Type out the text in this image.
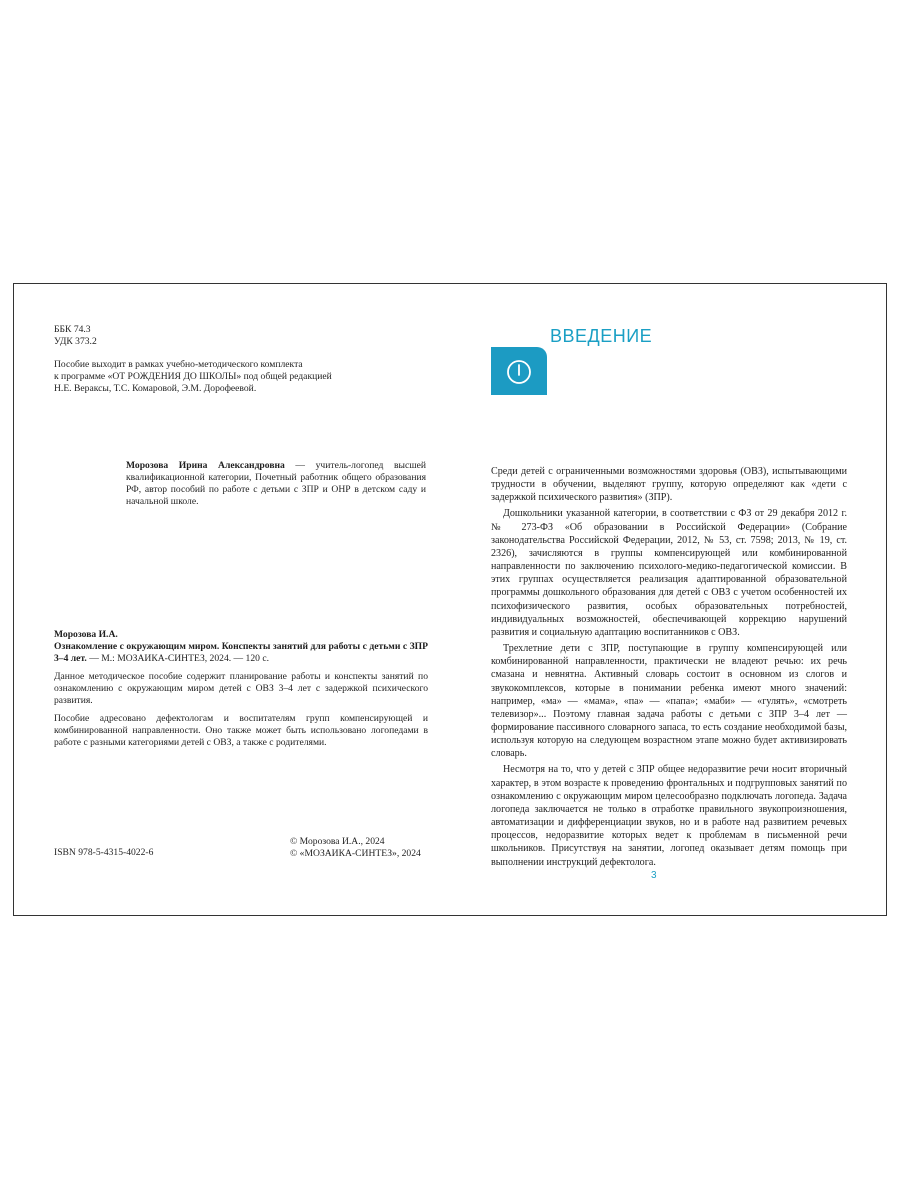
ББК 74.3
УДК 373.2
Пособие выходит в рамках учебно-методического комплекта
к программе «ОТ РОЖДЕНИЯ ДО ШКОЛЫ» под общей редакцией
Н.Е. Вераксы, Т.С. Комаровой, Э.М. Дорофеевой.
Морозова Ирина Александровна — учитель-логопед высшей квалификационной категории, Почетный работник общего образования РФ, автор пособий по работе с детьми с ЗПР и ОНР в детском саду и начальной школе.

Морозова И.А.

Ознакомление с окружающим миром. Конспекты занятий для работы с детьми с ЗПР 3–4 лет. — М.: МОЗАИКА-СИНТЕЗ, 2024. — 120 с.

Данное методическое пособие содержит планирование работы и конспекты занятий по ознакомлению с окружающим миром детей с ОВЗ 3–4 лет с задержкой психического развития.

Пособие адресовано дефектологам и воспитателям групп компенсирующей и комбинированной направленности. Оно также может быть использовано логопедами в работе с разными категориями детей с ОВЗ, а также с родителями.

ISBN 978-5-4315-4022-6
© Морозова И.А., 2024
© «МОЗАИКА-СИНТЕЗ», 2024
ВВЕДЕНИЕ

Среди детей с ограниченными возможностями здоровья (ОВЗ), испытывающими трудности в обучении, выделяют группу, которую определяют как «дети с задержкой психического развития» (ЗПР).

Дошкольники указанной категории, в соответствии с ФЗ от 29 декабря 2012 г. № 273-ФЗ «Об образовании в Российской Федерации» (Собрание законодательства Российской Федерации, 2012, № 53, ст. 7598; 2013, № 19, ст. 2326), зачисляются в группы компенсирующей или комбинированной направленности по заключению психолого-медико-педагогической комиссии. В этих группах осуществляется реализация адаптированной образовательной программы дошкольного образования для детей с ОВЗ с учетом особенностей их психофизического развития, особых образовательных потребностей, индивидуальных возможностей, обеспечивающей коррекцию нарушений развития и социальную адаптацию воспитанников с ОВЗ.

Трехлетние дети с ЗПР, поступающие в группу компенсирующей или комбинированной направленности, практически не владеют речью: их речь смазана и невнятна. Активный словарь состоит в основном из слогов и звукокомплексов, которые в понимании ребенка имеют много значений: например, «ма» — «мама», «па» — «папа»; «маби» — «гулять», «смотреть телевизор»... Поэтому главная задача работы с детьми с ЗПР 3–4 лет — формирование пассивного словарного запаса, то есть создание необходимой базы, используя которую на следующем возрастном этапе можно будет активизировать словарь.

Несмотря на то, что у детей с ЗПР общее недоразвитие речи носит вторичный характер, в этом возрасте к проведению фронтальных и подгрупповых занятий по ознакомлению с окружающим миром целесообразно подключать логопеда. Задача логопеда заключается не только в отработке правильного звукопроизношения, автоматизации и дифференциации звуков, но и в работе над развитием речевых процессов, недоразвитие которых ведет к проблемам в письменной речи школьников. Присутствуя на занятии, логопед оказывает детям помощь при выполнении инструкций дефектолога.

3
